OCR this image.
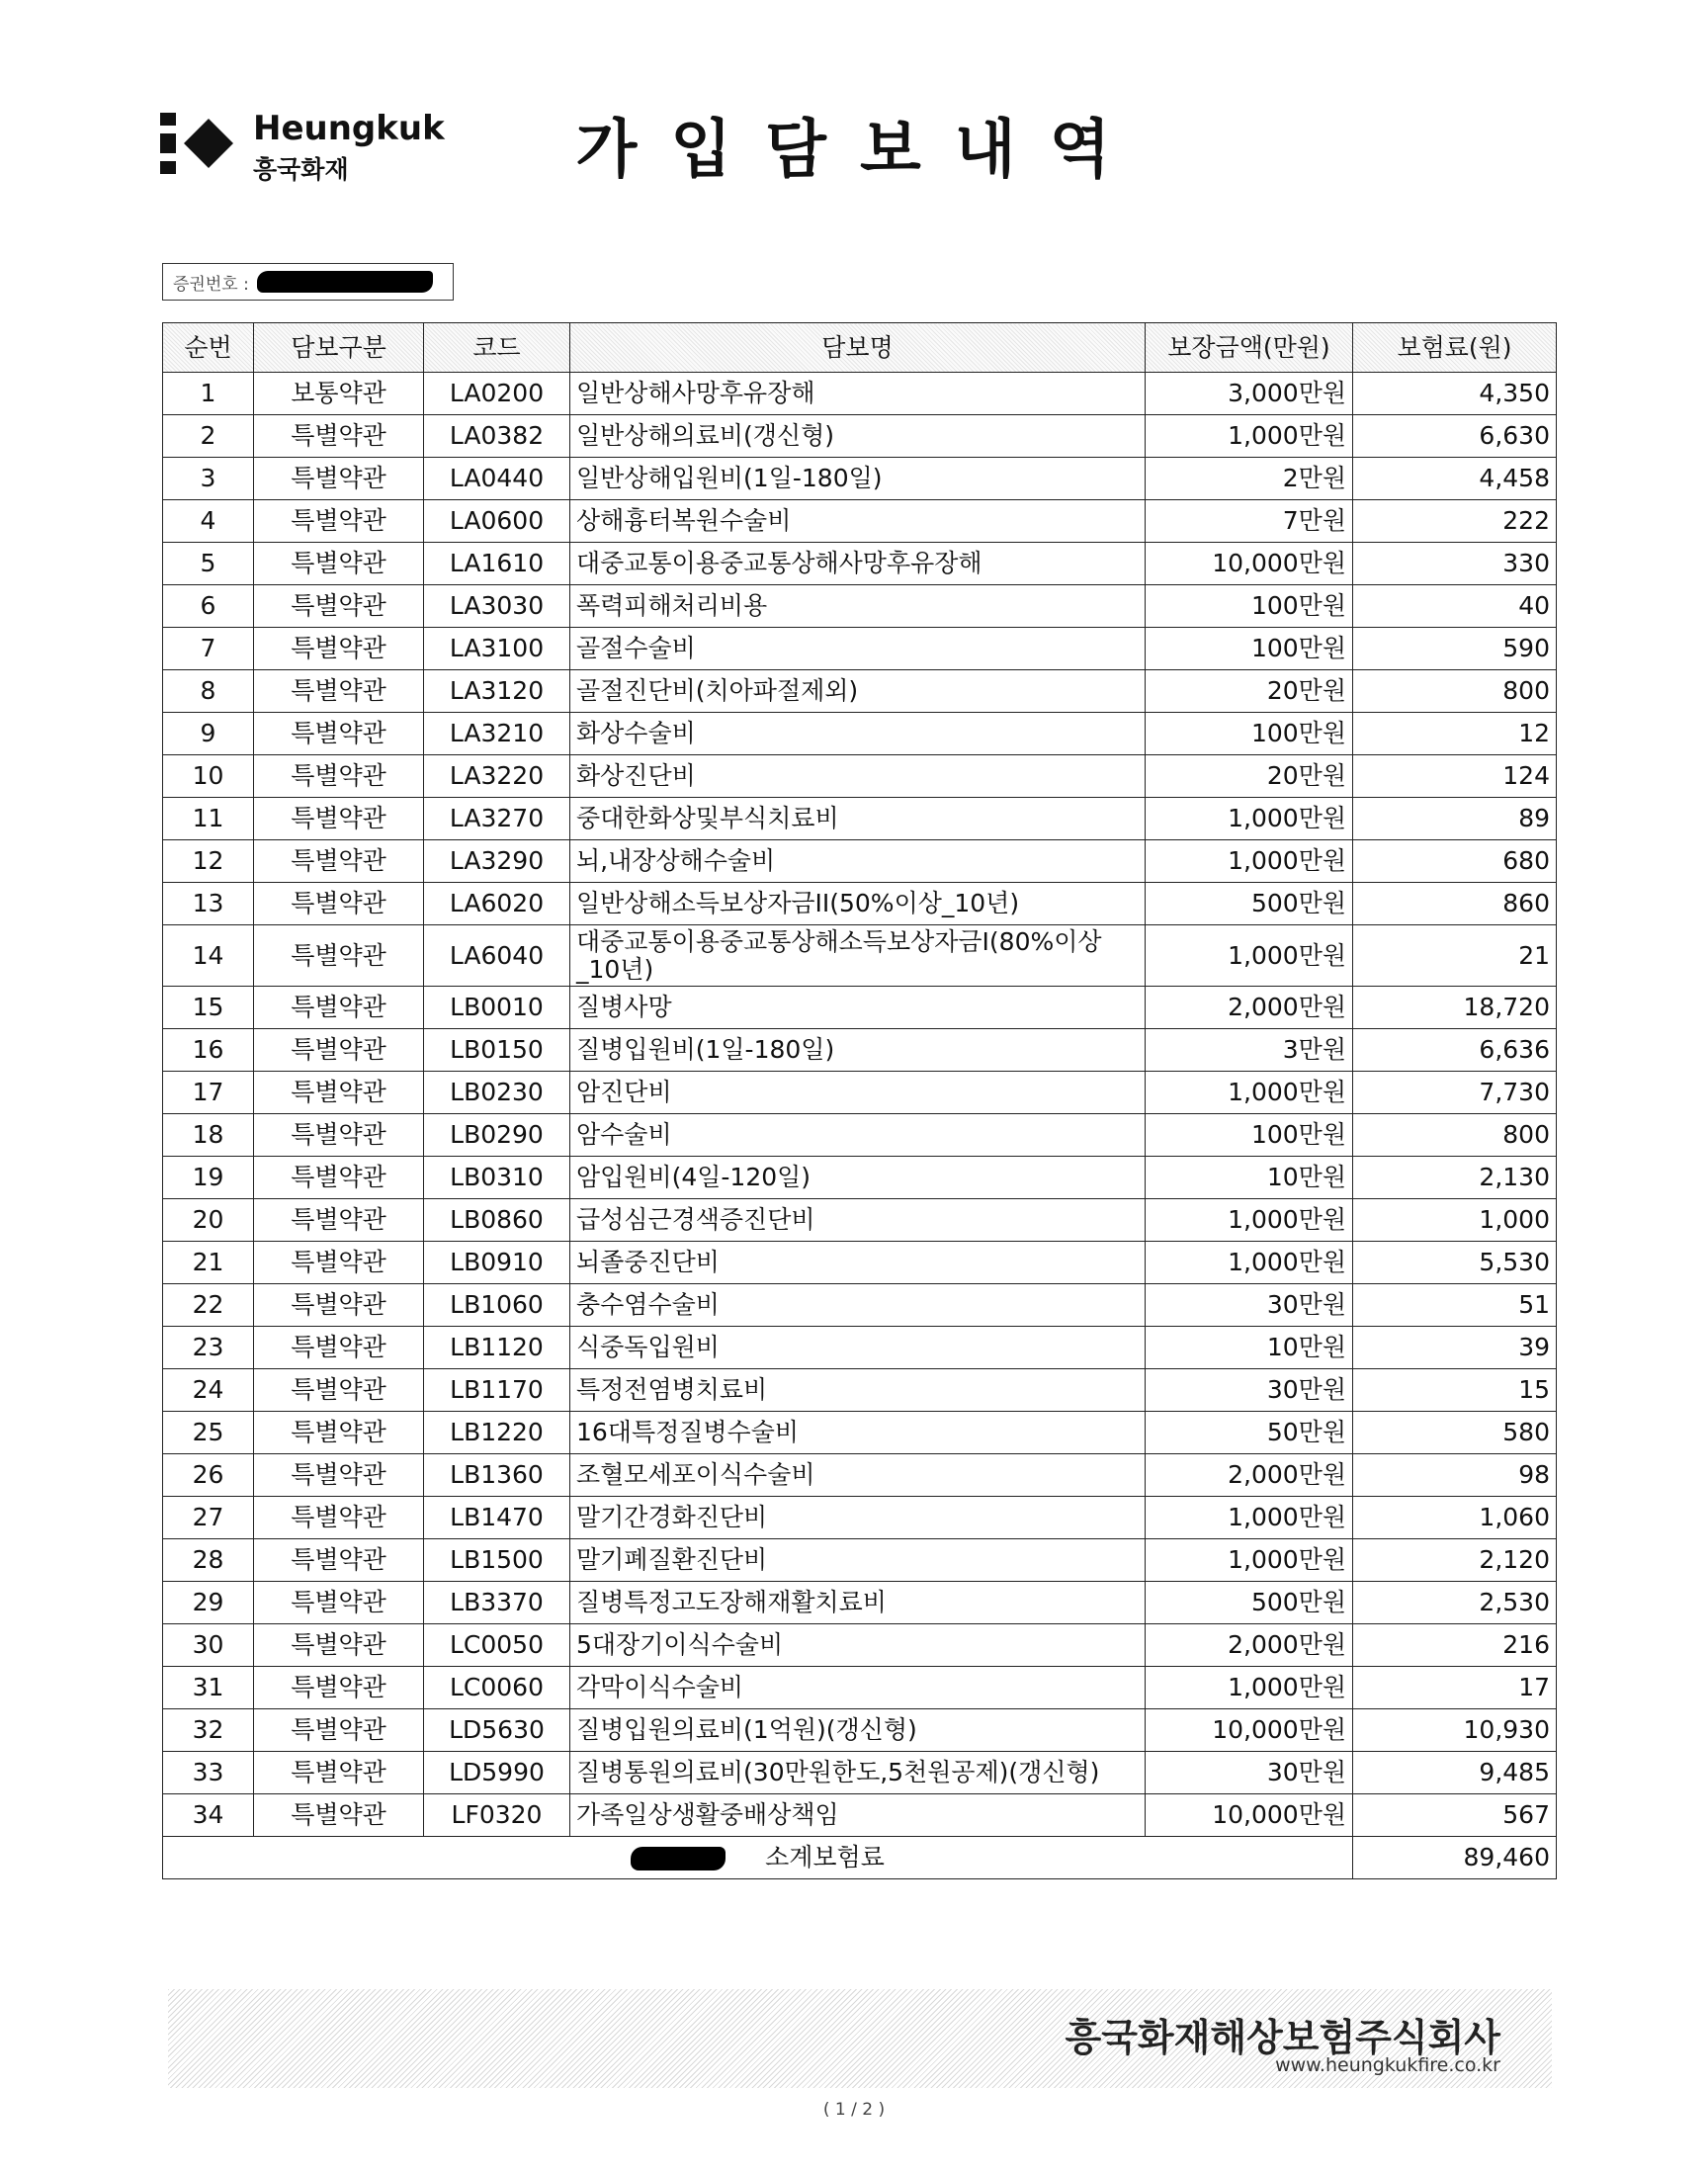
Heungkuk
흥국화재	가입담보내역
증권번호 :
순번	담보구분	코드	담보명	보장금액(만원)	보험료(원)
1	보통약관	LA0200	일반상해사망후유장해	3,000만원	4,350
2	특별약관	LA0382	일반상해의료비(갱신형)	1,000만원	6,630
3	특별약관	LA0440	일반상해입원비(1일-180일)	2만원	4,458
4	특별약관	LA0600	상해흉터복원수술비	7만원	222
5	특별약관	LA1610	대중교통이용중교통상해사망후유장해	10,000만원	330
6	특별약관	LA3030	폭력피해처리비용	100만원	40
7	특별약관	LA3100	골절수술비	100만원	590
8	특별약관	LA3120	골절진단비(치아파절제외)	20만원	800
9	특별약관	LA3210	화상수술비	100만원	12
10	특별약관	LA3220	화상진단비	20만원	124
11	특별약관	LA3270	중대한화상및부식치료비	1,000만원	89
12	특별약관	LA3290	뇌,내장상해수술비	1,000만원	680
13	특별약관	LA6020	일반상해소득보상자금II(50%이상_10년)	500만원	860
14	특별약관	LA6040	대중교통이용중교통상해소득보상자금I(80%이상_10년)	1,000만원	21
15	특별약관	LB0010	질병사망	2,000만원	18,720
16	특별약관	LB0150	질병입원비(1일-180일)	3만원	6,636
17	특별약관	LB0230	암진단비	1,000만원	7,730
18	특별약관	LB0290	암수술비	100만원	800
19	특별약관	LB0310	암입원비(4일-120일)	10만원	2,130
20	특별약관	LB0860	급성심근경색증진단비	1,000만원	1,000
21	특별약관	LB0910	뇌졸중진단비	1,000만원	5,530
22	특별약관	LB1060	충수염수술비	30만원	51
23	특별약관	LB1120	식중독입원비	10만원	39
24	특별약관	LB1170	특정전염병치료비	30만원	15
25	특별약관	LB1220	16대특정질병수술비	50만원	580
26	특별약관	LB1360	조혈모세포이식수술비	2,000만원	98
27	특별약관	LB1470	말기간경화진단비	1,000만원	1,060
28	특별약관	LB1500	말기폐질환진단비	1,000만원	2,120
29	특별약관	LB3370	질병특정고도장해재활치료비	500만원	2,530
30	특별약관	LC0050	5대장기이식수술비	2,000만원	216
31	특별약관	LC0060	각막이식수술비	1,000만원	17
32	특별약관	LD5630	질병입원의료비(1억원)(갱신형)	10,000만원	10,930
33	특별약관	LD5990	질병통원의료비(30만원한도,5천원공제)(갱신형)	30만원	9,485
34	특별약관	LF0320	가족일상생활중배상책임	10,000만원	567
소계보험료					89,460
흥국화재해상보험주식회사
www.heungkukfire.co.kr
( 1 / 2 )
